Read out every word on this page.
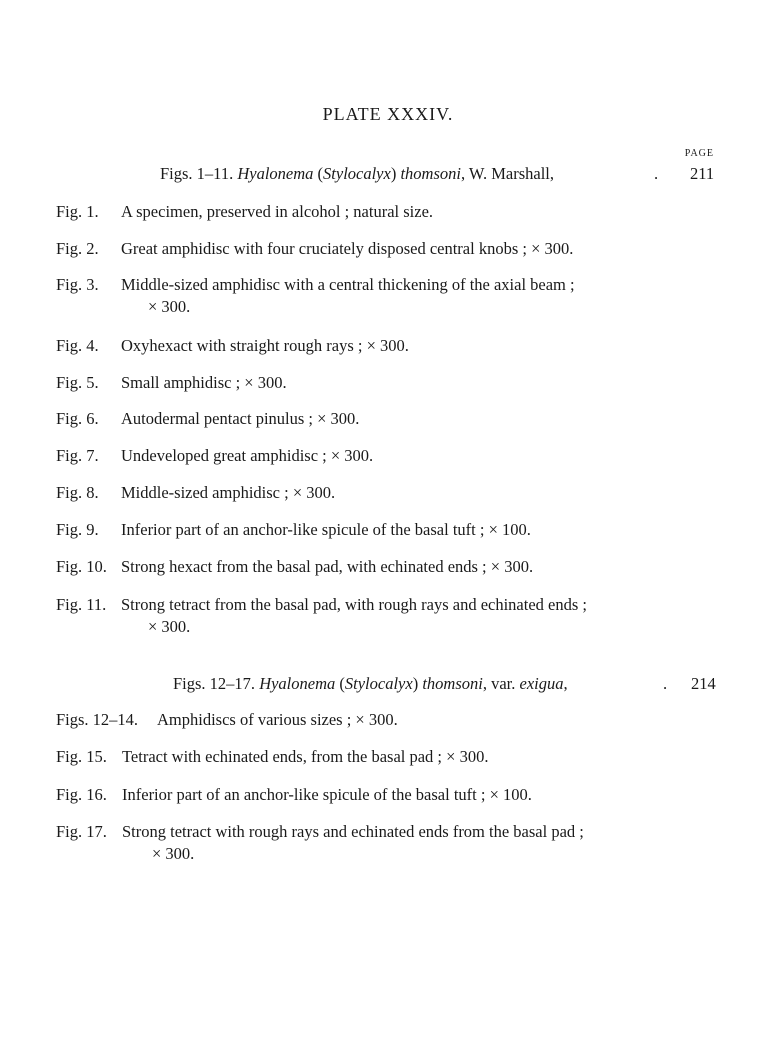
PLATE XXXIV.
PAGE
Figs. 1–11. Hyalonema (Stylocalyx) thomsoni, W. Marshall,	. 211
Fig. 1. A specimen, preserved in alcohol ; natural size.
Fig. 2. Great amphidisc with four cruciately disposed central knobs ; × 300.
Fig. 3. Middle-sized amphidisc with a central thickening of the axial beam ;
× 300.
Fig. 4. Oxyhexact with straight rough rays ; × 300.
Fig. 5. Small amphidisc ; × 300.
Fig. 6. Autodermal pentact pinulus ; × 300.
Fig. 7. Undeveloped great amphidisc ; × 300.
Fig. 8. Middle-sized amphidisc ; × 300.
Fig. 9. Inferior part of an anchor-like spicule of the basal tuft ; × 100.
Fig. 10. Strong hexact from the basal pad, with echinated ends ; × 300.
Fig. 11. Strong tetract from the basal pad, with rough rays and echinated ends ;
× 300.
Figs. 12–17. Hyalonema (Stylocalyx) thomsoni, var. exigua,	. 214
Figs. 12–14. Amphidiscs of various sizes ; × 300.
Fig. 15. Tetract with echinated ends, from the basal pad ; × 300.
Fig. 16. Inferior part of an anchor-like spicule of the basal tuft ; × 100.
Fig. 17. Strong tetract with rough rays and echinated ends from the basal pad ;
× 300.
